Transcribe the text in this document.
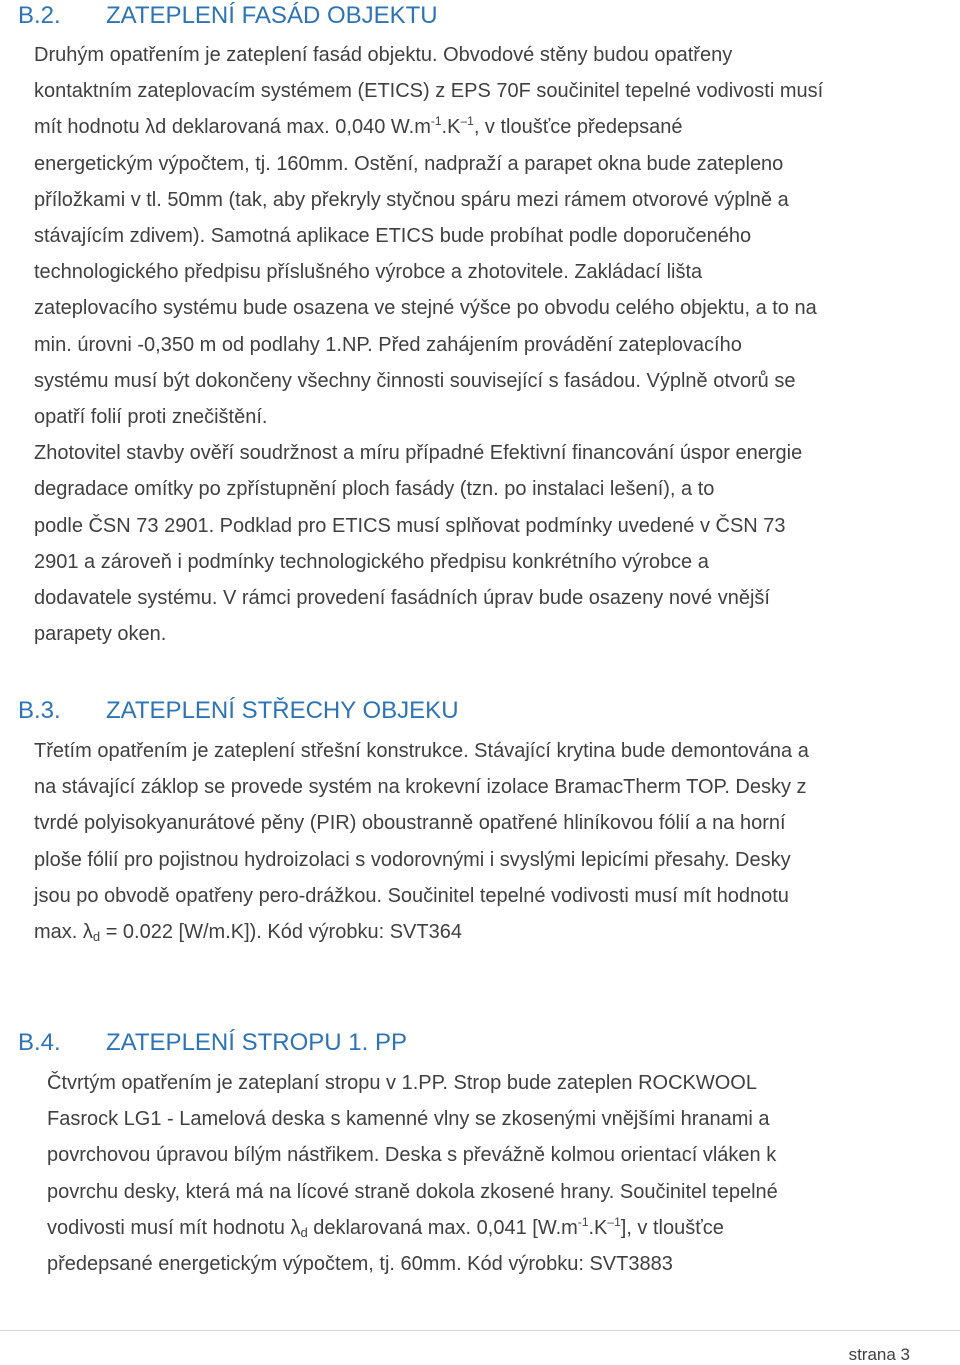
B.2. ZATEPLENÍ FASÁD OBJEKTU
Druhým opatřením je zateplení fasád objektu. Obvodové stěny budou opatřeny
kontaktním zateplovacím systémem (ETICS) z EPS 70F součinitel tepelné vodivosti musí
mít hodnotu λd deklarovaná max. 0,040 $W.m^{-1}.K^{-1}$, v tloušťce předepsané
energetickým výpočtem, tj. 160mm. Ostění, nadpraží a parapet okna bude zatepleno
příložkami v tl. 50mm (tak, aby překryly styčnou spáru mezi rámem otvorové výplně a
stávajícím zdivem). Samotná aplikace ETICS bude probíhat podle doporučeného
technologického předpisu příslušného výrobce a zhotovitele. Zakládací lišta
zateplovacího systému bude osazena ve stejné výšce po obvodu celého objektu, a to na
min. úrovni -0,350 m od podlahy 1.NP. Před zahájením provádění zateplovacího
systému musí být dokončeny všechny činnosti související s fasádou. Výplně otvorů se
opatří folií proti znečištění.
Zhotovitel stavby ověří soudržnost a míru případné Efektivní financování úspor energie
degradace omítky po zpřístupnění ploch fasády (tzn. po instalaci lešení), a to
podle ČSN 73 2901. Podklad pro ETICS musí splňovat podmínky uvedené v ČSN 73
2901 a zároveň i podmínky technologického předpisu konkrétního výrobce a
dodavatele systému. V rámci provedení fasádních úprav bude osazeny nové vnější
parapety oken.
B.3. ZATEPLENÍ STŘECHY OBJEKU
Třetím opatřením je zateplení střešní konstrukce. Stávající krytina bude demontována a
na stávající záklop se provede systém na krokevní izolace BramacTherm TOP. Desky z
tvrdé polyisokyanurátové pěny (PIR) oboustranně opatřené hliníkovou fólií a na horní
ploše fólií pro pojistnou hydroizolaci s vodorovnými i svyslými lepicími přesahy. Desky
jsou po obvodě opatřeny pero-drážkou. Součinitel tepelné vodivosti musí mít hodnotu
max. $\lambda_d = 0.022$ [W/m.K]). Kód výrobku: SVT364
B.4. ZATEPLENÍ STROPU 1. PP
Čtvrtým opatřením je zateplaní stropu v 1.PP. Strop bude zateplen ROCKWOOL
Fasrock LG1 - Lamelová deska s kamenné vlny se zkosenými vnějšími hranami a
povrchovou úpravou bílým nástřikem. Deska s převážně kolmou orientací vláken k
povrchu desky, která má na lícové straně dokola zkosené hrany. Součinitel tepelné
vodivosti musí mít hodnotu $\lambda_d$ deklarovaná max. 0,041 $[W.m^{-1}.K^{-1}]$, v tloušťce
předepsané energetickým výpočtem, tj. 60mm. Kód výrobku: SVT3883
strana 3
